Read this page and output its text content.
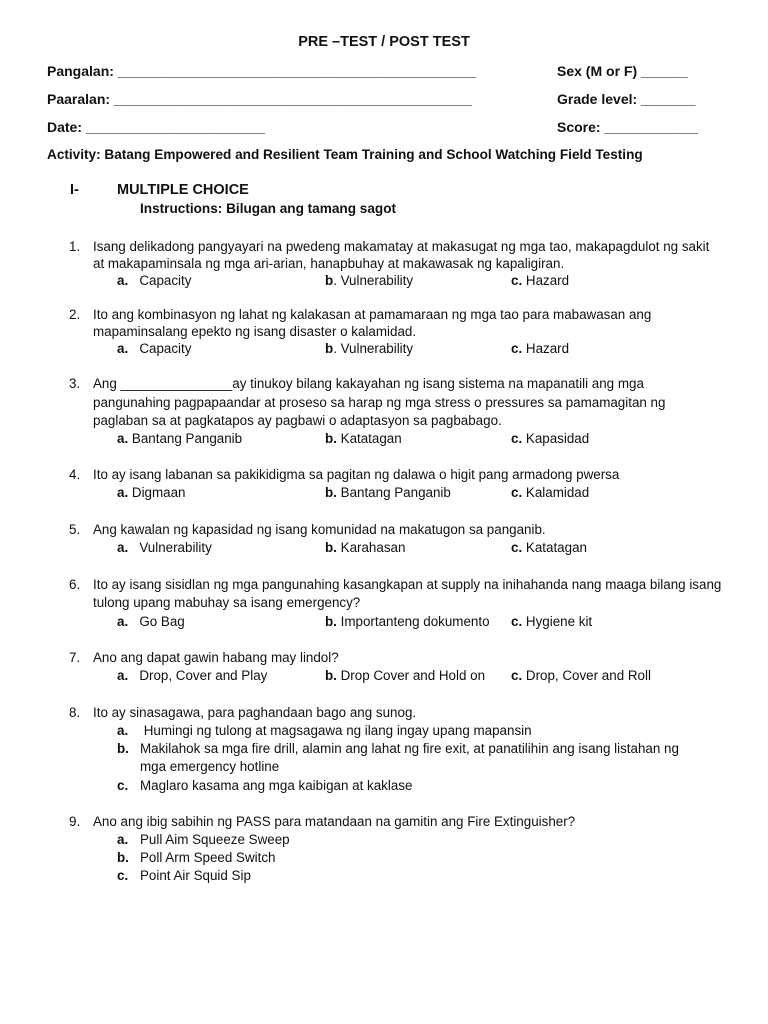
PRE –TEST / POST TEST
Pangalan: ______________________________________________	Sex (M or F) ______
Paaralan: ______________________________________________	Grade level: _______
Date: _______________________	Score: ____________
Activity: Batang Empowered and Resilient Team Training and School Watching Field Testing
I-	MULTIPLE CHOICE
Instructions: Bilugan ang tamang sagot
1. Isang delikadong pangyayari na pwedeng makamatay at makasugat ng mga tao, makapagdulot ng sakit
at makapaminsala ng mga ari-arian, hanapbuhay at makawasak ng kapaligiran.
a. Capacity	b. Vulnerability	c. Hazard
2. Ito ang kombinasyon ng lahat ng kalakasan at pamamaraan ng mga tao para mabawasan ang
mapaminsalang epekto ng isang disaster o kalamidad.
a. Capacity	b. Vulnerability	c. Hazard
3. Ang _______________ay tinukoy bilang kakayahan ng isang sistema na mapanatili ang mga
pangunahing pagpapaandar at proseso sa harap ng mga stress o pressures sa pamamagitan ng
paglaban sa at pagkatapos ay pagbawi o adaptasyon sa pagbabago.
a. Bantang Panganib	b. Katatagan	c. Kapasidad
4. Ito ay isang labanan sa pakikidigma sa pagitan ng dalawa o higit pang armadong pwersa
a. Digmaan	b. Bantang Panganib	c. Kalamidad
5. Ang kawalan ng kapasidad ng isang komunidad na makatugon sa panganib.
a. Vulnerability	b. Karahasan	c. Katatagan
6. Ito ay isang sisidlan ng mga pangunahing kasangkapan at supply na inihahanda nang maaga bilang isang
tulong upang mabuhay sa isang emergency?
a. Go Bag	b. Importanteng dokumento c. Hygiene kit
7. Ano ang dapat gawin habang may lindol?
a. Drop, Cover and Play	b. Drop Cover and Hold on c. Drop, Cover and Roll
8. Ito ay sinasagawa, para paghandaan bago ang sunog.
a. Humingi ng tulong at magsagawa ng ilang ingay upang mapansin
b. Makilahok sa mga fire drill, alamin ang lahat ng fire exit, at panatilihin ang isang listahan ng
mga emergency hotline
c. Maglaro kasama ang mga kaibigan at kaklase
9. Ano ang ibig sabihin ng PASS para matandaan na gamitin ang Fire Extinguisher?
a. Pull Aim Squeeze Sweep
b. Poll Arm Speed Switch
c. Point Air Squid Sip
